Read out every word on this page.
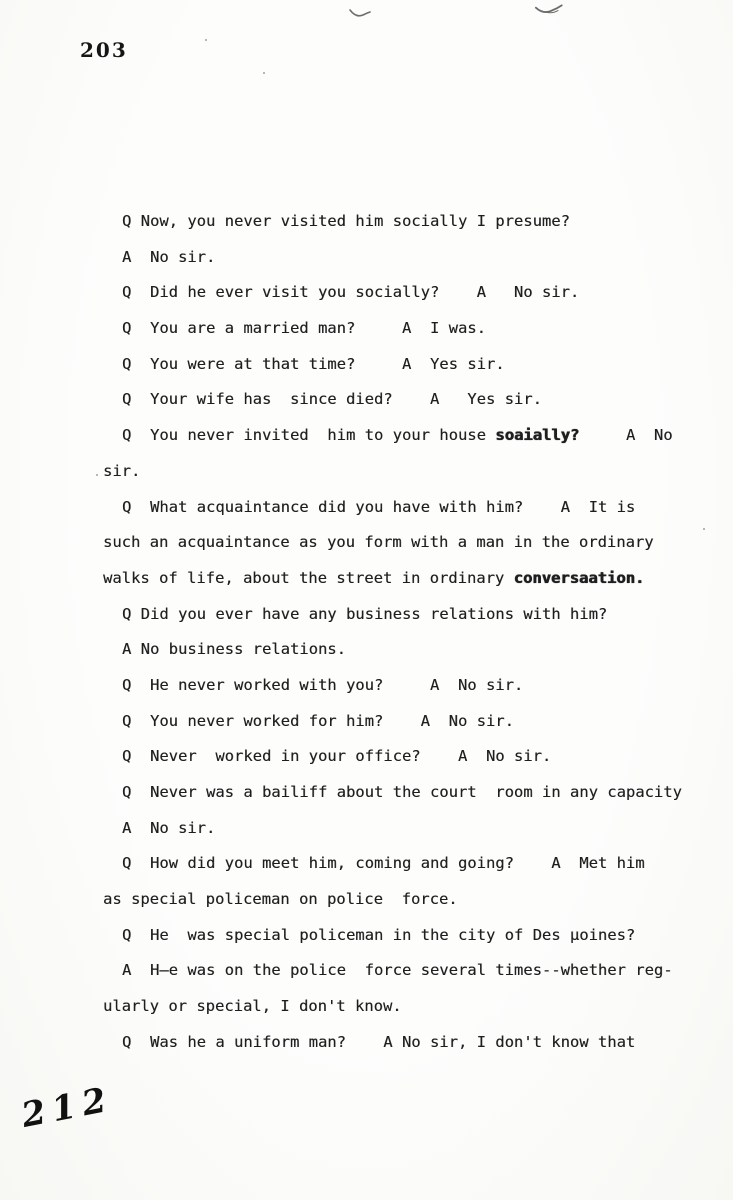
203
Q Now, you never visited him socially I presume?
A  No sir.
Q  Did he ever visit you socially?    A   No sir.
Q  You are a married man?     A  I was.
Q  You were at that time?     A  Yes sir.
Q  Your wife has  since died?    A   Yes sir.
Q  You never invited  him to your house soaially?     A  No
sir.
Q  What acquaintance did you have with him?    A  It is
such an acquaintance as you form with a man in the ordinary
walks of life, about the street in ordinary conversaation.
Q Did you ever have any business relations with him?
A No business relations.
Q  He never worked with you?     A  No sir.
Q  You never worked for him?    A  No sir.
Q  Never  worked in your office?    A  No sir.
Q  Never was a bailiff about the court  room in any capacity
A  No sir.
Q  How did you meet him, coming and going?    A  Met him
as special policeman on police  force.
Q  He  was special policeman in the city of Des µoines?
A  H̶e was on the police  force several times--whether reg-
ularly or special, I don't know.
Q  Was he a uniform man?    A No sir, I don't know that
212
